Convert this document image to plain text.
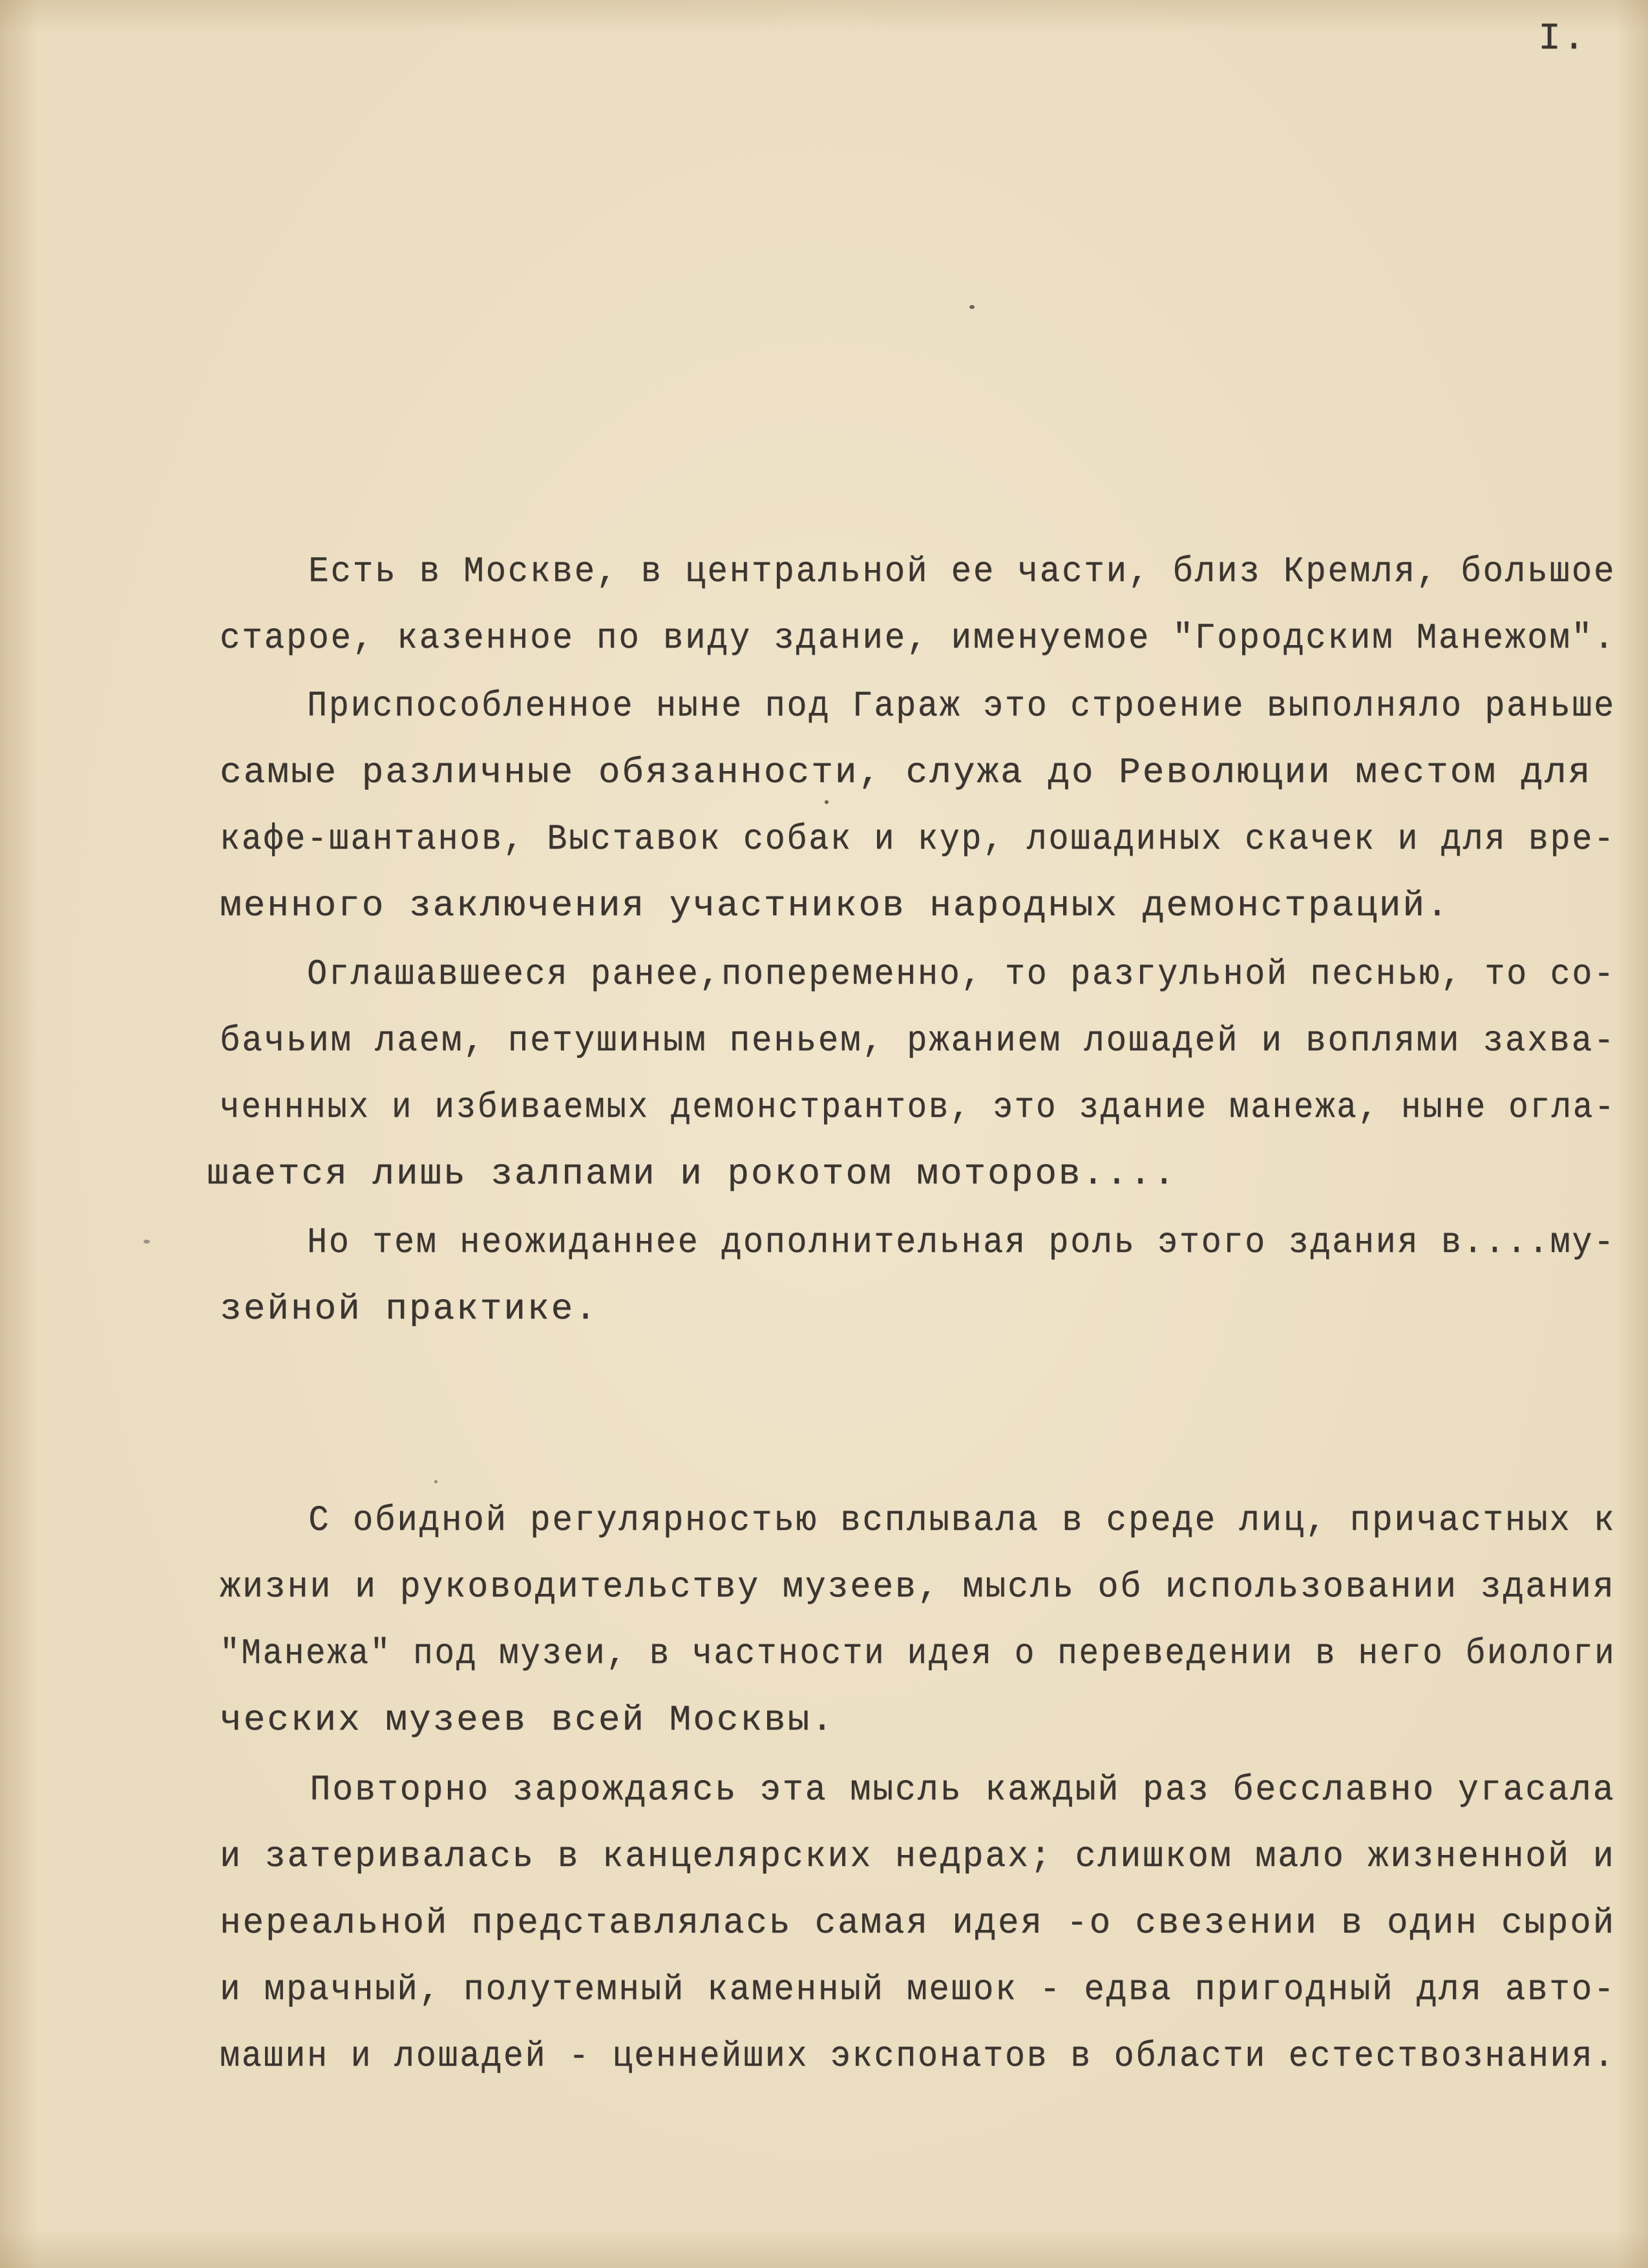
I.
Есть в Москве, в центральной ее части, близ Кремля, большое
старое, казенное по виду здание, именуемое "Городским Манежом".
Приспособленное ныне под Гараж это строение выполняло раньше
самые различные обязанности, служа до Революции местом для
кафе-шантанов, Выставок собак и кур, лошадиных скачек и для вре-
менного заключения участников народных демонстраций.
Оглашавшееся ранее,попеременно, то разгульной песнью, то со-
бачьим лаем, петушиным пеньем, ржанием лошадей и воплями захва-
ченнных и избиваемых демонстрантов, это здание манежа, ныне огла-
шается лишь залпами и рокотом моторов....
Но тем неожиданнее дополнительная роль этого здания в....му-
зейной практике.
С обидной регулярностью всплывала в среде лиц, причастных к
жизни и руководительству музеев, мысль об использовании здания
"Манежа" под музеи, в частности идея о переведении в него биологи
ческих музеев всей Москвы.
Повторно зарождаясь эта мысль каждый раз бесславно угасала
и затеривалась в канцелярских недрах; слишком мало жизненной и
нереальной представлялась самая идея -о свезении в один сырой
и мрачный, полутемный каменный мешок - едва пригодный для авто-
машин и лошадей - ценнейших экспонатов в области естествознания.
